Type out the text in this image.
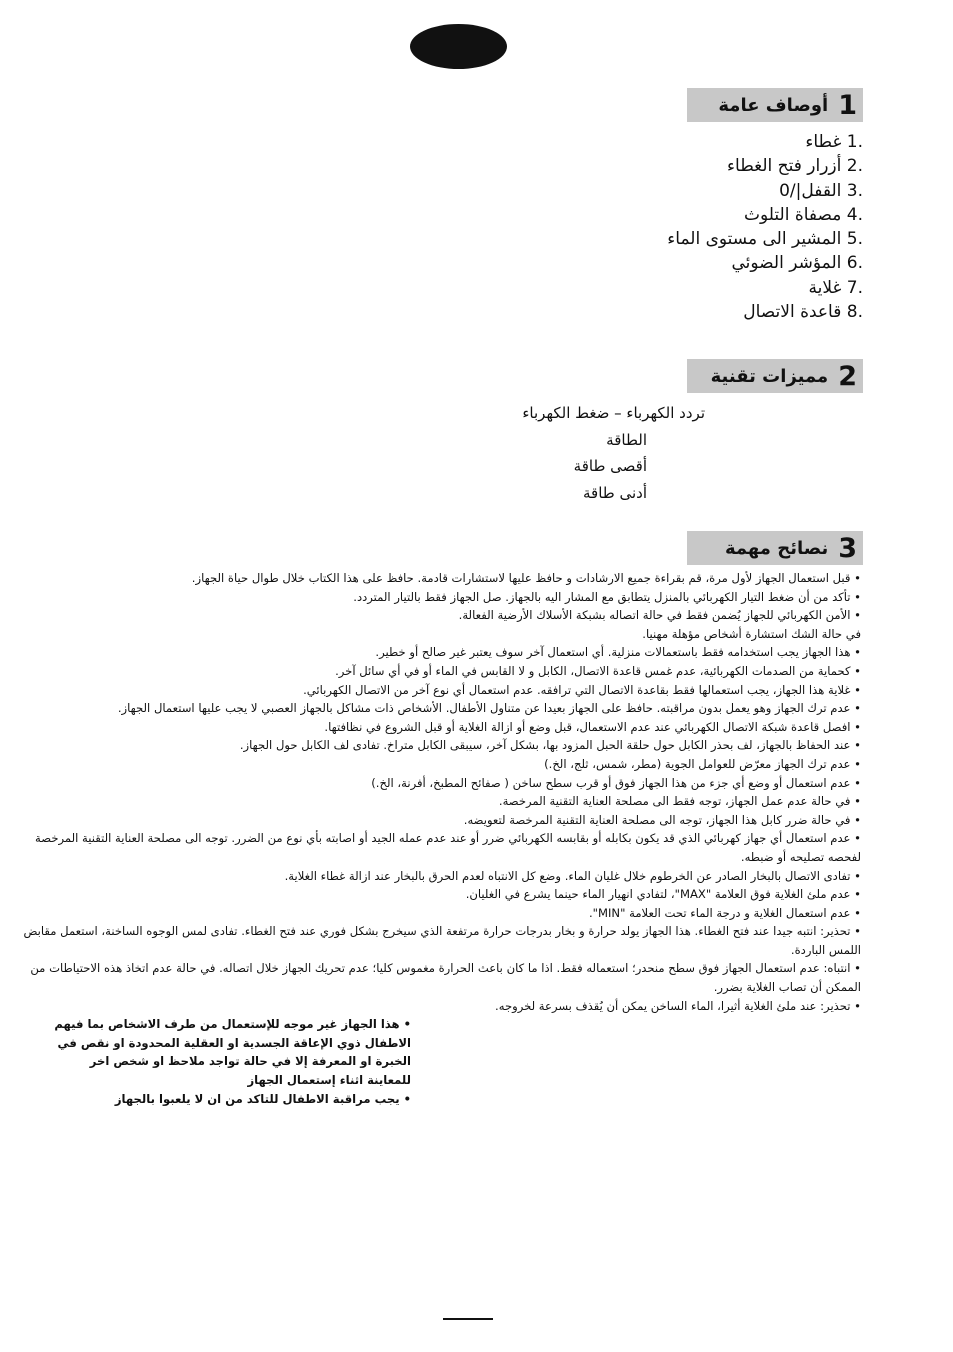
1
أوصاف عامة
.1 غطاء
.2 أزرار فتح الغطاء
.3 القفل|/0
.4 مصفاة التلوث
.5 المشير الى مستوى الماء
.6 المؤشر الضوئي
.7 غلاية
.8 قاعدة الاتصال
2
مميزات تقنية
تردد الكهرباء – ضغط الكهرباء
الطاقة
أقصى طاقة
أدنى طاقة
3
نصائح مهمة

• قبل استعمال الجهاز لأول مرة، قم بقراءة جميع الارشادات و حافظ عليها لاستشارات قادمة. حافظ على هذا الكتاب خلال طوال حياة الجهاز.

• تأكد من أن ضغط التيار الكهربائي بالمنزل يتطابق مع المشار اليه بالجهاز. صل الجهاز فقط بالتيار المتردد.

• الأمن الكهربائي للجهاز يُضمن فقط في حالة اتصاله بشبكة الأسلاك الأرضية الفعالة.

في حالة الشك استشارة أشخاص مؤهلة مهنيا.

• هذا الجهاز يجب استخدامه فقط باستعمالات منزلية. أي استعمال آخر سوف يعتبر غير صالح أو خطير.

• كحماية من الصدمات الكهربائية، عدم غمس قاعدة الاتصال، الكابل و لا القابس في الماء أو في أي سائل آخر.

• غلاية هذا الجهاز، يجب استعمالها فقط بقاعدة الاتصال التي ترافقه. عدم استعمال أي نوع آخر من الاتصال الكهربائي.

• عدم ترك الجهاز وهو يعمل بدون مراقبته. حافظ على الجهاز بعيدا عن متناول الأطفال. الأشخاص ذات مشاكل بالجهاز العصبي لا يجب عليها استعمال الجهاز.

• افصل قاعدة شبكة الاتصال الكهربائي عند عدم الاستعمال، قبل وضع أو ازالة الغلاية أو قبل الشروع في نظافتها.

• عند الحفاظ بالجهاز، لف بحذر الكابل حول حلقة الحبل المزود بها، بشكل آخر، سيبقى الكابل متراخ. تفادى لف الكابل حول الجهاز.

• عدم ترك الجهاز معرّض للعوامل الجوية (مطر، شمس، ثلج، الخ.)

• عدم استعمال أو وضع أي جزء من هذا الجهاز فوق أو قرب سطح ساخن ( صفائح المطبخ، أفرنة، الخ.)

• في حالة عدم عمل الجهاز، توجه فقط الى مصلحة العناية التقنية المرخصة.

• في حالة ضرر كابل هذا الجهاز، توجه الى مصلحة العناية التقنية المرخصة لتعويضه.

• عدم استعمال أي جهاز كهربائي الذي قد يكون بكابله أو بقابسه الكهربائي ضرر أو عند عدم عمله الجيد أو اصابته بأي نوع من الضرر. توجه الى مصلحة العناية التقنية المرخصة لفحصه تصليحه أو ضبطه.

• تفادى الاتصال بالبخار الصادر عن الخرطوم خلال غليان الماء. وضع كل الانتباه لعدم الحرق بالبخار عند ازالة غطاء الغلاية.

• عدم ملئ الغلاية فوق العلامة "MAX"، لتفادي انهيار الماء حينما يشرع في الغليان.

• عدم استعمال الغلاية و درجة الماء تحت العلامة "MIN".

• تحذير: انتبه جيدا عند فتح الغطاء. هذا الجهاز يولد حرارة و بخار بدرجات حرارة مرتفعة الذي سيخرج بشكل فوري عند فتح الغطاء. تفادى لمس الوجوه الساخنة، استعمل مقابض اللمس الباردة.

• انتباه: عدم استعمال الجهاز فوق سطح منحدر؛ استعماله فقط. اذا ما كان باعث الحرارة مغموس كليا؛ عدم تحريك الجهاز خلال اتصاله. في حالة عدم اتخاذ هذه الاحتياطات من الممكن أن تصاب الغلاية بضرر.

• تحذير: عند ملئ الغلاية أثيرا، الماء الساخن يمكن أن يُقذف بسرعة لخروجه.

• هذا الجهاز غير موجه للإستعمال من طرف الاشخاص بما فيهم

الاطفال ذوي الإعاقة الجسدية او العقلية المحدودة او نقص في

الخبرة او المعرفة إلا في حالة تواجد ملاحظ او شخص اخر

للمعاينة اثناء إستعمال الجهاز

• يجب مراقبة الاطفال للتاكد من ان لا يلعبوا بالجهاز
